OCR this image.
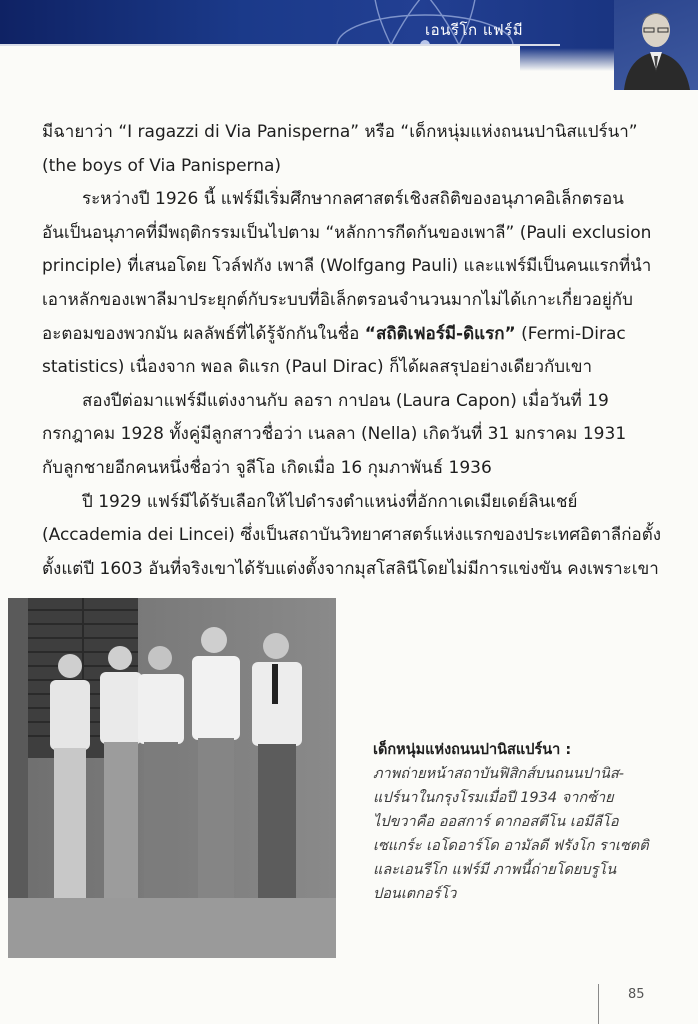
เอนรีโก แฟร์มี
มีฉายาว่า “I ragazzi di Via Panisperna” หรือ “เด็กหนุ่มแห่งถนนปานิสแปร์นา”
(the boys of Via Panisperna)
ระหว่างปี 1926 นี้ แฟร์มีเริ่มศึกษากลศาสตร์เชิงสถิติของอนุภาคอิเล็กตรอน
อันเป็นอนุภาคที่มีพฤติกรรมเป็นไปตาม “หลักการกีดกันของเพาลี” (Pauli exclusion
principle) ที่เสนอโดย โวล์ฟกัง เพาลี (Wolfgang Pauli) และแฟร์มีเป็นคนแรกที่นำ
เอาหลักของเพาลีมาประยุกต์กับระบบที่อิเล็กตรอนจำนวนมากไม่ได้เกาะเกี่ยวอยู่กับ
อะตอมของพวกมัน ผลลัพธ์ที่ได้รู้จักกันในชื่อ “สถิติเฟอร์มี-ดิแรก” (Fermi-Dirac
statistics) เนื่องจาก พอล ดิแรก (Paul Dirac) ก็ได้ผลสรุปอย่างเดียวกับเขา
สองปีต่อมาแฟร์มีแต่งงานกับ ลอรา กาปอน (Laura Capon) เมื่อวันที่ 19
กรกฎาคม 1928 ทั้งคู่มีลูกสาวชื่อว่า เนลลา (Nella) เกิดวันที่ 31 มกราคม 1931
กับลูกชายอีกคนหนึ่งชื่อว่า จูลีโอ เกิดเมื่อ 16 กุมภาพันธ์ 1936
ปี 1929 แฟร์มีได้รับเลือกให้ไปดำรงตำแหน่งที่อักกาเดเมียเดย์ลินเชย์
(Accademia dei Lincei) ซึ่งเป็นสถาบันวิทยาศาสตร์แห่งแรกของประเทศอิตาลีก่อตั้ง
ตั้งแต่ปี 1603 อันที่จริงเขาได้รับแต่งตั้งจากมุสโสลินีโดยไม่มีการแข่งขัน คงเพราะเขา
เด็กหนุ่มแห่งถนนปานิสแปร์นา :
ภาพถ่ายหน้าสถาบันฟิสิกส์บนถนนปานิส-
แปร์นาในกรุงโรมเมื่อปี 1934 จากซ้าย
ไปขวาคือ ออสการ์ ดากอสตีโน เอมีลีโอ
เซแกร์ะ เอโดอาร์โด อามัลดี ฟรังโก ราเซตติ
และเอนรีโก แฟร์มี ภาพนี้ถ่ายโดยบรูโน
ปอนเตกอร์โว
85
